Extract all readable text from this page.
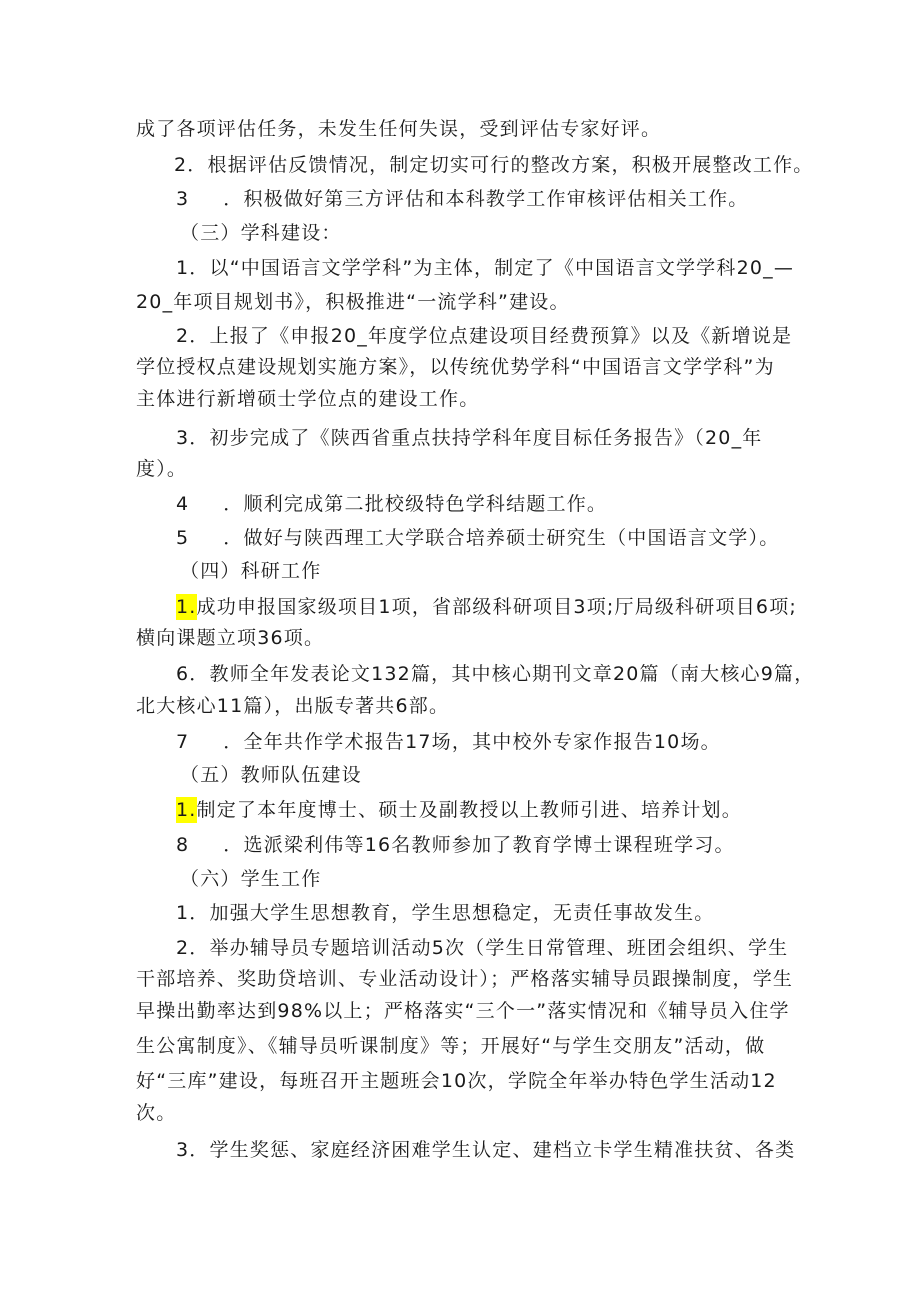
成了各项评估任务，未发生任何失误，受到评估专家好评。
2．根据评估反馈情况，制定切实可行的整改方案，积极开展整改工作。
3 ．积极做好第三方评估和本科教学工作审核评估相关工作。
（三）学科建设：
1．以“中国语言文学学科”为主体，制定了《中国语言文学学科20_—
20_年项目规划书》，积极推进“一流学科”建设。
2．上报了《申报20_年度学位点建设项目经费预算》以及《新增说是
学位授权点建设规划实施方案》，以传统优势学科“中国语言文学学科”为
主体进行新增硕士学位点的建设工作。
3．初步完成了《陕西省重点扶持学科年度目标任务报告》（20_年
度）。
4 ．顺利完成第二批校级特色学科结题工作。
5 ．做好与陕西理工大学联合培养硕士研究生（中国语言文学）。
（四）科研工作
1.成功申报国家级项目1项，省部级科研项目3项;厅局级科研项目6项;
横向课题立项36项。
6．教师全年发表论文132篇，其中核心期刊文章20篇（南大核心9篇，
北大核心11篇），出版专著共6部。
7 ．全年共作学术报告17场，其中校外专家作报告10场。
（五）教师队伍建设
1.制定了本年度博士、硕士及副教授以上教师引进、培养计划。
8 ．选派梁利伟等16名教师参加了教育学博士课程班学习。
（六）学生工作
1．加强大学生思想教育，学生思想稳定，无责任事故发生。
2．举办辅导员专题培训活动5次（学生日常管理、班团会组织、学生
干部培养、奖助贷培训、专业活动设计）；严格落实辅导员跟操制度，学生
早操出勤率达到98%以上；严格落实“三个一”落实情况和《辅导员入住学
生公寓制度》、《辅导员听课制度》等；开展好“与学生交朋友”活动，做
好“三库”建设，每班召开主题班会10次，学院全年举办特色学生活动12
次。
3．学生奖惩、家庭经济困难学生认定、建档立卡学生精准扶贫、各类
